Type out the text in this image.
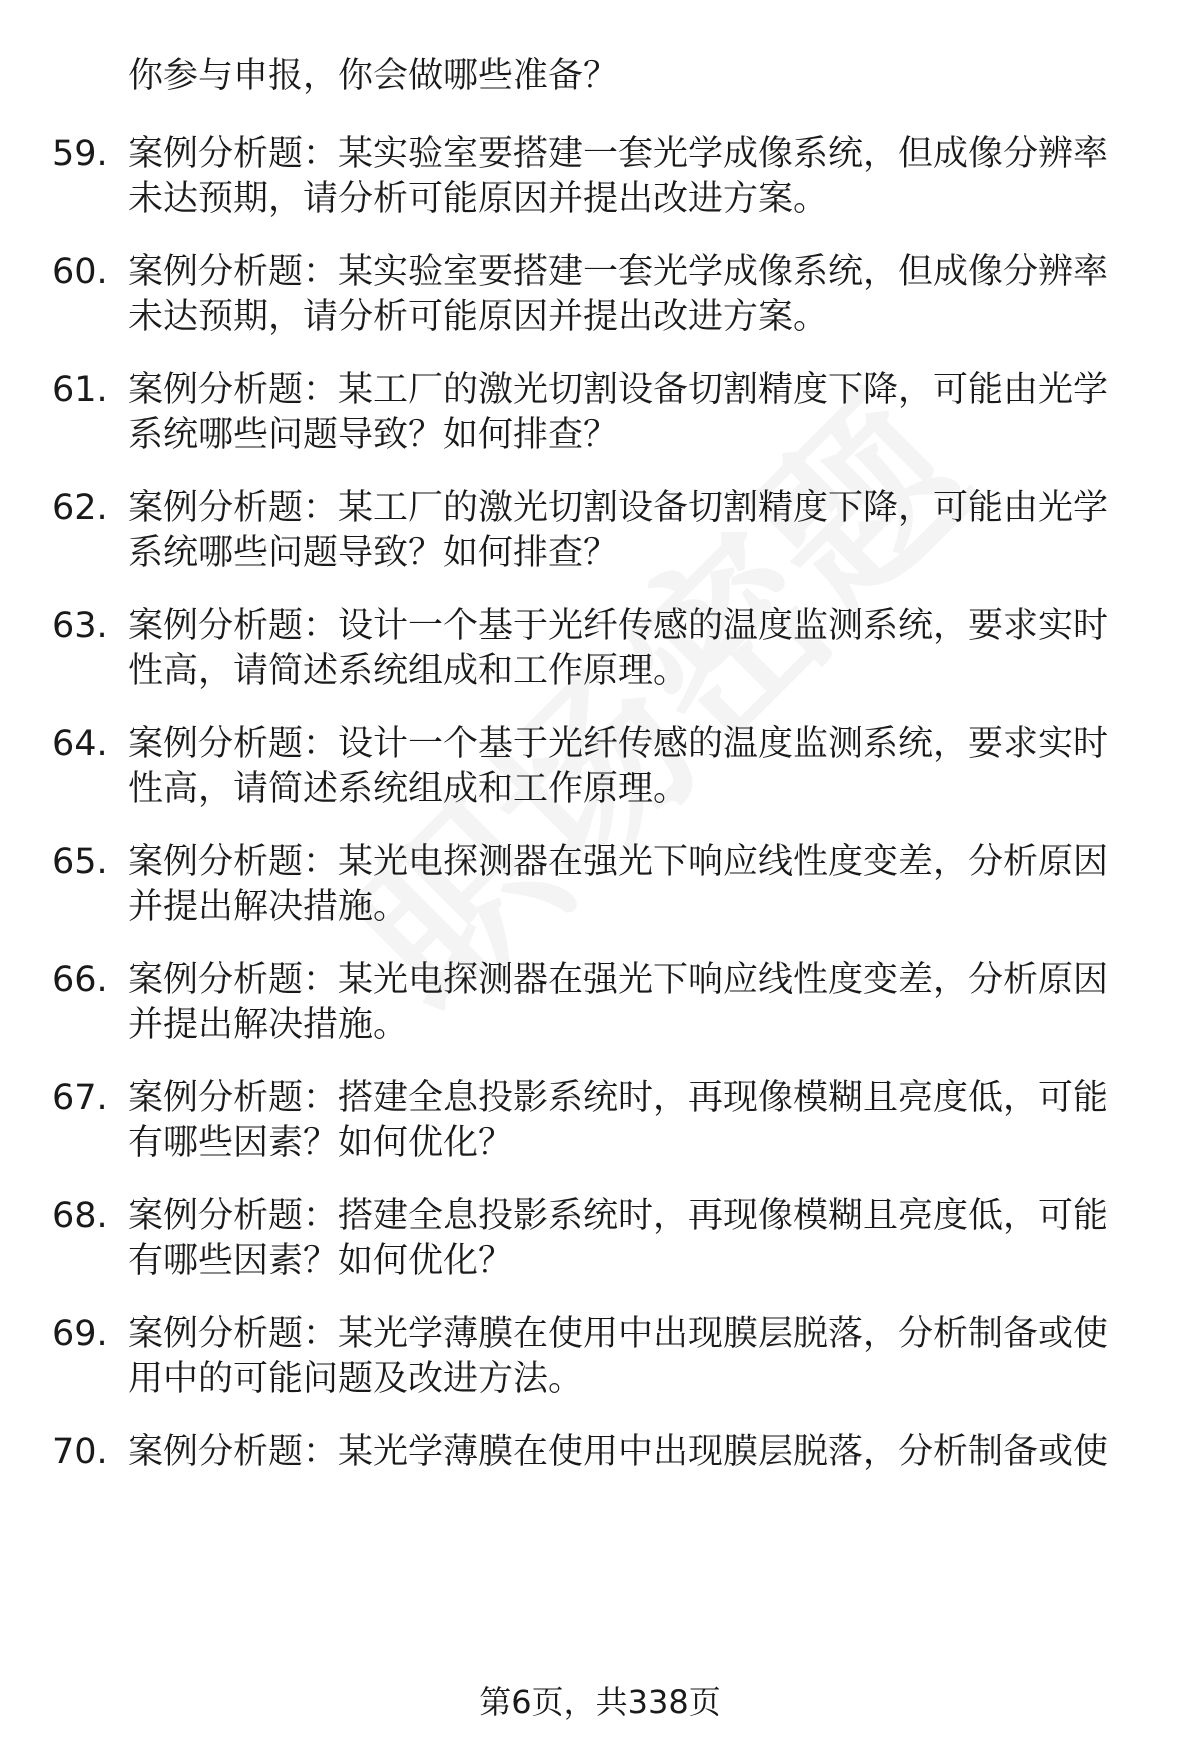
你参与申报，你会做哪些准备？
59. 案例分析题：某实验室要搭建一套光学成像系统，但成像分辨率
未达预期，请分析可能原因并提出改进方案。
60. 案例分析题：某实验室要搭建一套光学成像系统，但成像分辨率
未达预期，请分析可能原因并提出改进方案。
61. 案例分析题：某工厂的激光切割设备切割精度下降，可能由光学
系统哪些问题导致？如何排查？
62. 案例分析题：某工厂的激光切割设备切割精度下降，可能由光学
系统哪些问题导致？如何排查？
63. 案例分析题：设计一个基于光纤传感的温度监测系统，要求实时
性高，请简述系统组成和工作原理。
64. 案例分析题：设计一个基于光纤传感的温度监测系统，要求实时
性高，请简述系统组成和工作原理。
65. 案例分析题：某光电探测器在强光下响应线性度变差，分析原因
并提出解决措施。
66. 案例分析题：某光电探测器在强光下响应线性度变差，分析原因
并提出解决措施。
67. 案例分析题：搭建全息投影系统时，再现像模糊且亮度低，可能
有哪些因素？如何优化？
68. 案例分析题：搭建全息投影系统时，再现像模糊且亮度低，可能
有哪些因素？如何优化？
69. 案例分析题：某光学薄膜在使用中出现膜层脱落，分析制备或使
用中的可能问题及改进方法。
70. 案例分析题：某光学薄膜在使用中出现膜层脱落，分析制备或使
第6页，共338页
